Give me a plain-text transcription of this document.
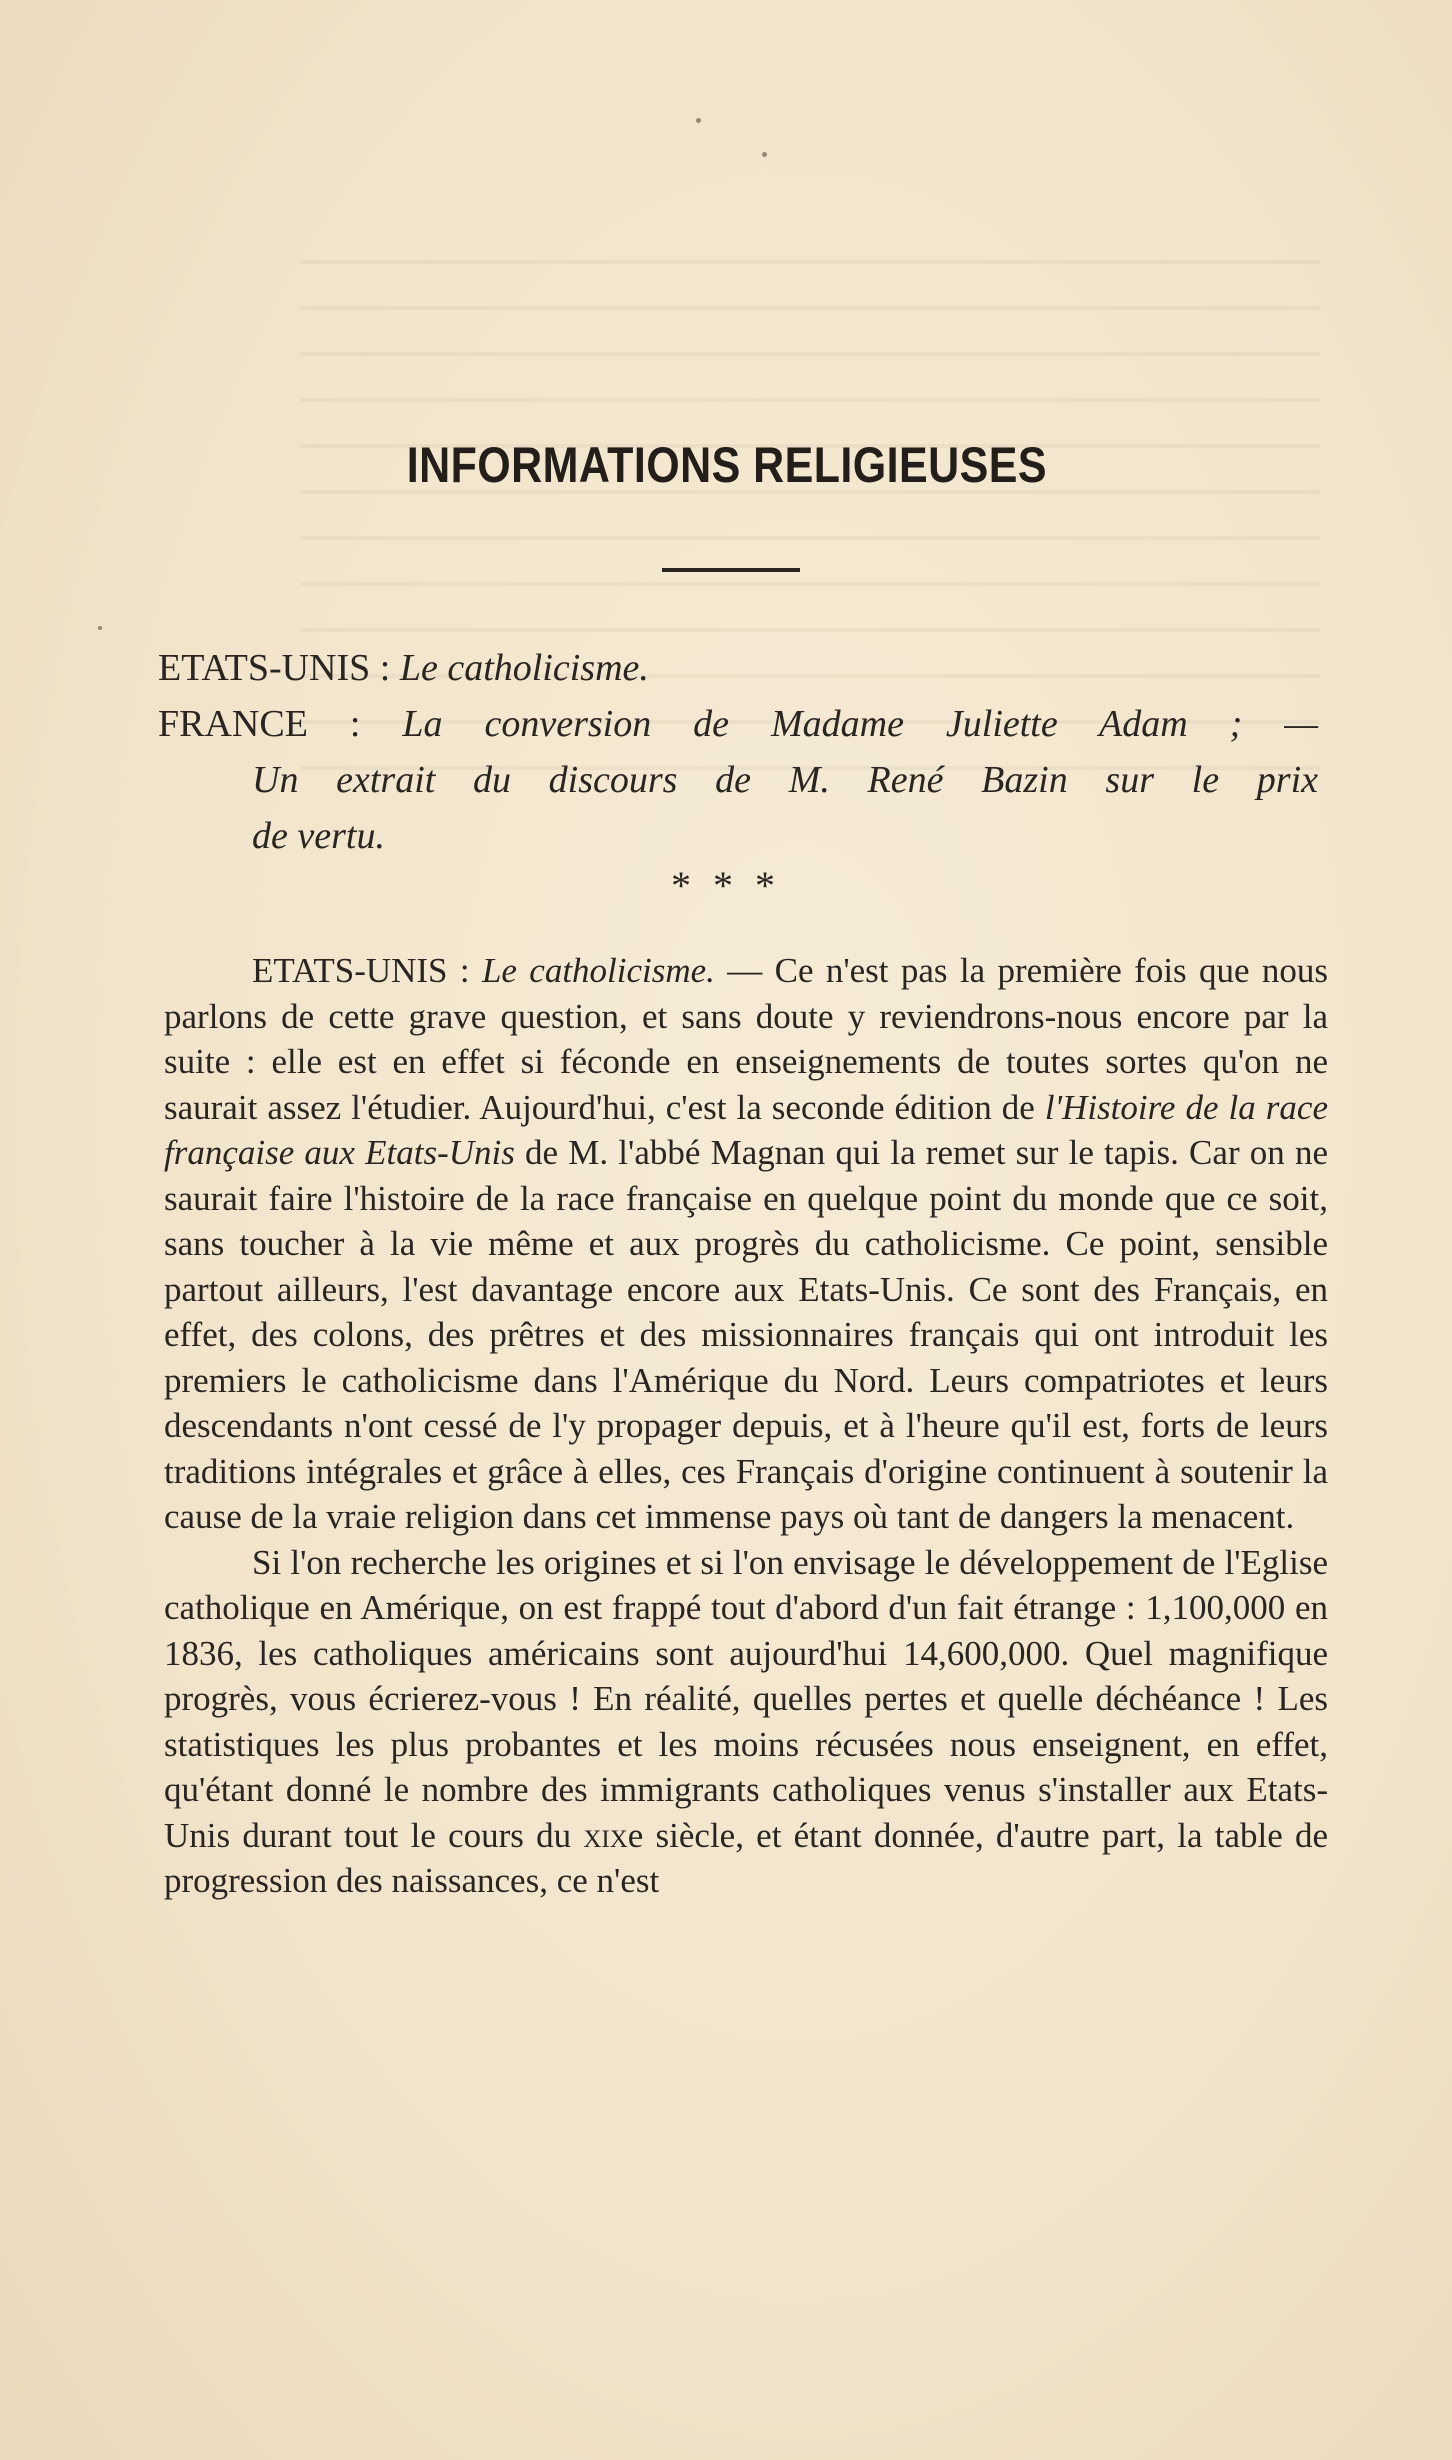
INFORMATIONS RELIGIEUSES
ETATS-UNIS : Le catholicisme.
FRANCE : La conversion de Madame Juliette Adam ; —
Un extrait du discours de M. René Bazin sur le prix
de vertu.
* * *

ETATS-UNIS : Le catholicisme. — Ce n'est pas la première fois que nous parlons de cette grave question, et sans doute y reviendrons-nous encore par la suite : elle est en effet si féconde en enseignements de toutes sortes qu'on ne saurait assez l'étudier. Aujourd'hui, c'est la seconde édition de l'Histoire de la race française aux Etats-Unis de M. l'abbé Magnan qui la remet sur le tapis. Car on ne saurait faire l'histoire de la race française en quelque point du monde que ce soit, sans toucher à la vie même et aux progrès du catholicisme. Ce point, sensible partout ailleurs, l'est davantage encore aux Etats-Unis. Ce sont des Français, en effet, des colons, des prêtres et des missionnaires français qui ont introduit les premiers le catholicisme dans l'Amérique du Nord. Leurs compatriotes et leurs descendants n'ont cessé de l'y propager depuis, et à l'heure qu'il est, forts de leurs traditions intégrales et grâce à elles, ces Français d'origine continuent à soutenir la cause de la vraie religion dans cet immense pays où tant de dangers la menacent.

Si l'on recherche les origines et si l'on envisage le développement de l'Eglise catholique en Amérique, on est frappé tout d'abord d'un fait étrange : 1,100,000 en 1836, les catholiques américains sont aujourd'hui 14,600,000. Quel magnifique progrès, vous écrierez-vous ! En réalité, quelles pertes et quelle déchéance ! Les statistiques les plus probantes et les moins récusées nous enseignent, en effet, qu'étant donné le nombre des immigrants catholiques venus s'installer aux Etats-Unis durant tout le cours du xixe siècle, et étant donnée, d'autre part, la table de progression des naissances, ce n'est
